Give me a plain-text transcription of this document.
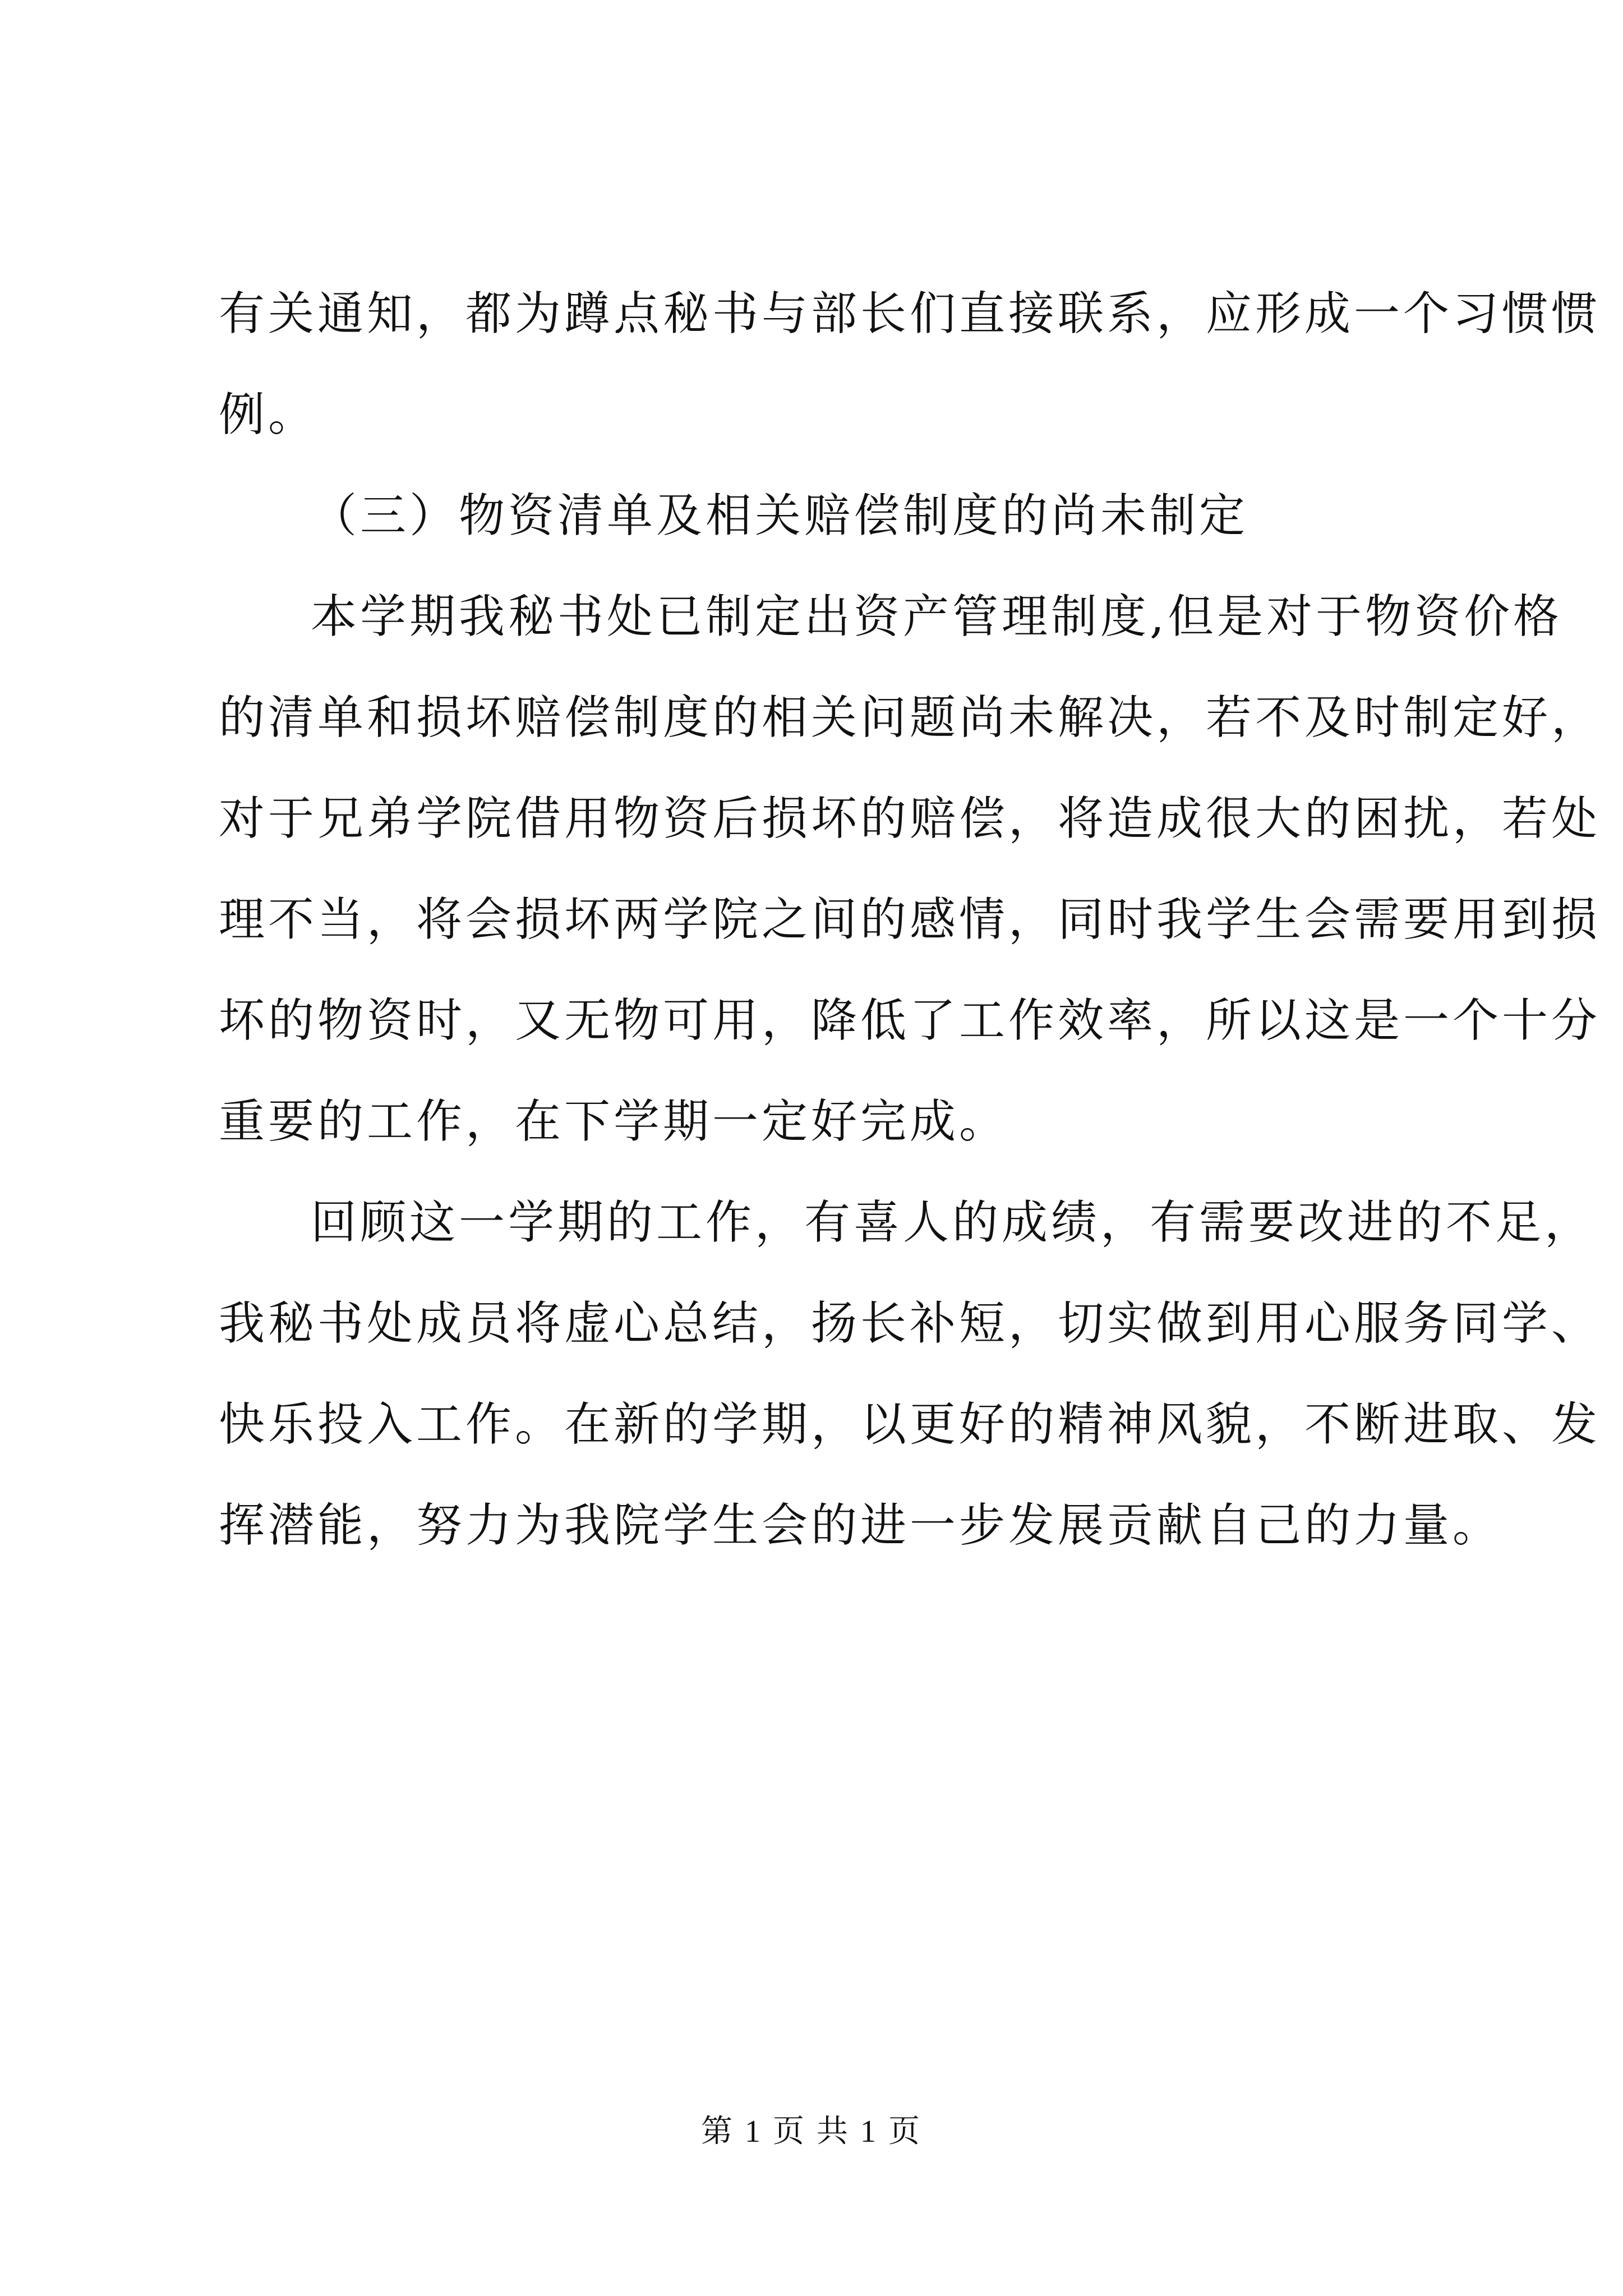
有关通知，都为蹲点秘书与部长们直接联系，应形成一个习惯惯
例。
（三）物资清单及相关赔偿制度的尚未制定
本学期我秘书处已制定出资产管理制度,但是对于物资价格
的清单和损坏赔偿制度的相关问题尚未解决，若不及时制定好，
对于兄弟学院借用物资后损坏的赔偿，将造成很大的困扰，若处
理不当，将会损坏两学院之间的感情，同时我学生会需要用到损
坏的物资时，又无物可用，降低了工作效率，所以这是一个十分
重要的工作，在下学期一定好完成。
回顾这一学期的工作，有喜人的成绩，有需要改进的不足，
我秘书处成员将虚心总结，扬长补短，切实做到用心服务同学、
快乐投入工作。在新的学期，以更好的精神风貌，不断进取、发
挥潜能，努力为我院学生会的进一步发展贡献自己的力量。
第 1 页 共 1 页
